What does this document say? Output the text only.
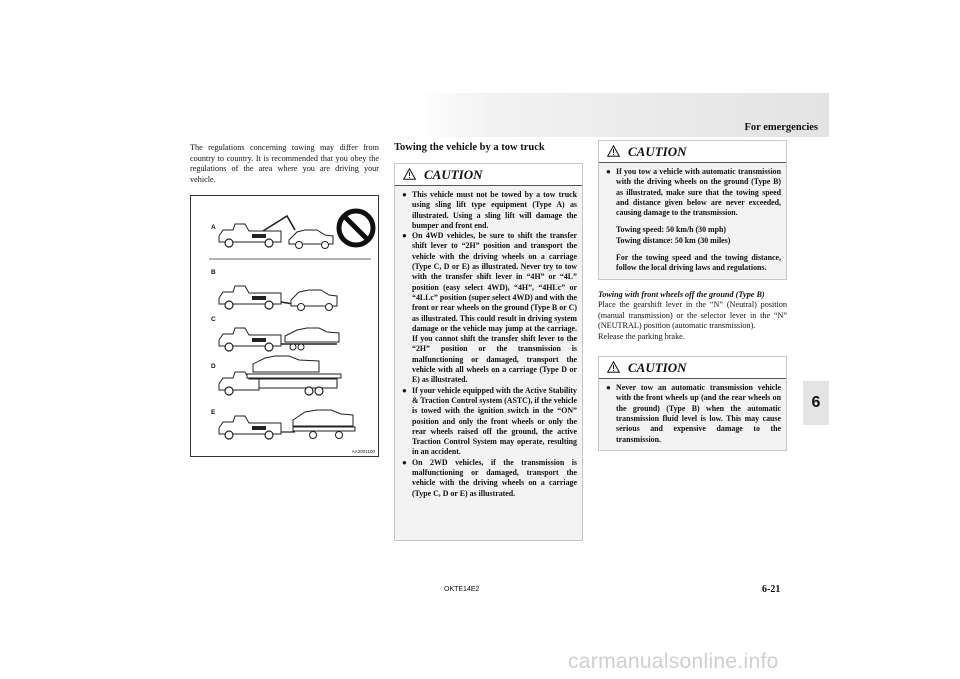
For emergencies
6

The regulations concerning towing may differ from country to country. It is recommended that you obey the regulations of the area where you are driving your vehicle.

A
B
C
D
E
AA2001100
Towing the vehicle by a tow truck
CAUTION
● This vehicle must not be towed by a tow truck using sling lift type equipment (Type A) as illustrated. Using a sling lift will damage the bumper and front end.
● On 4WD vehicles, be sure to shift the transfer shift lever to “2H” position and transport the vehicle with the driving wheels on a carriage (Type C, D or E) as illustrated. Never try to tow with the transfer shift lever in “4H” or “4L” position (easy select 4WD), “4H”, “4HLc” or “4LLc” position (super select 4WD) and with the front or rear wheels on the ground (Type B or C) as illustrated. This could result in driving system damage or the vehicle may jump at the carriage. If you cannot shift the transfer shift lever to the “2H” position or the transmission is malfunctioning or damaged, transport the vehicle with all wheels on a carriage (Type D or E) as illustrated.
● If your vehicle equipped with the Active Stability & Traction Control system (ASTC), if the vehicle is towed with the ignition switch in the “ON” position and only the front wheels or only the rear wheels raised off the ground, the active Traction Control System may operate, resulting in an accident.
● On 2WD vehicles, if the transmission is malfunctioning or damaged, transport the vehicle with the driving wheels on a carriage (Type C, D or E) as illustrated.
CAUTION
● If you tow a vehicle with automatic transmission with the driving wheels on the ground (Type B) as illustrated, make sure that the towing speed and distance given below are never exceeded, causing damage to the transmission.
Towing speed: 50 km/h (30 mph)
Towing distance: 50 km (30 miles)
For the towing speed and the towing distance, follow the local driving laws and regulations.
Towing with front wheels off the ground (Type B)

Place the gearshift lever in the “N” (Neutral) position (manual transmission) or the selector lever in the “N” (NEUTRAL) position (automatic transmission).

Release the parking brake.

CAUTION
● Never tow an automatic transmission vehicle with the front wheels up (and the rear wheels on the ground) (Type B) when the automatic transmission fluid level is low. This may cause serious and expensive damage to the transmission.
OKTE14E2	6-21
carmanualsonline.info
